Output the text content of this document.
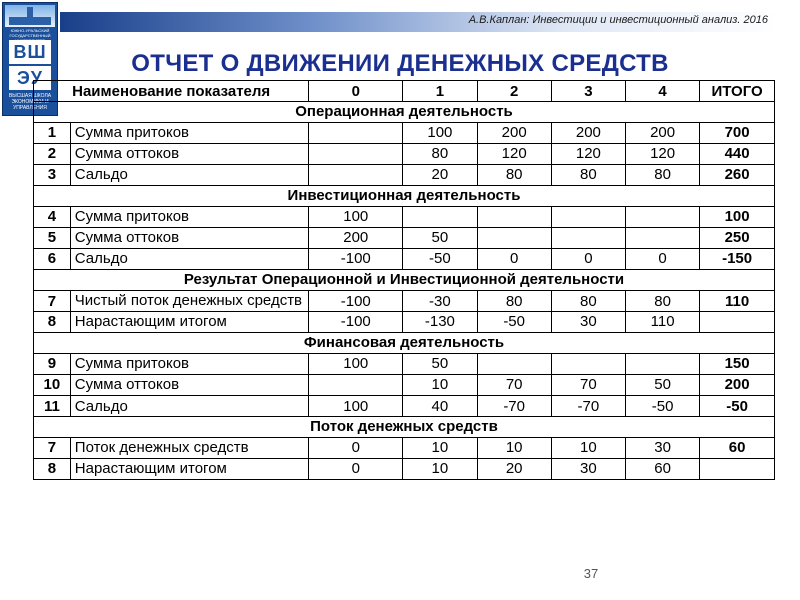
ЮЖНО-УРАЛЬСКИЙ ГОСУДАРСТВЕННЫЙ
ВШ
ЭУ
ВЫСШАЯ ШКОЛА ЭКОНОМИКИ И УПРАВЛЕНИЯ
А.В.Каплан: Инвестиции и инвестиционный анализ. 2016
ОТЧЕТ О ДВИЖЕНИИ ДЕНЕЖНЫХ СРЕДСТВ
Наименование показателя		0	1	2	3	4	ИТОГО
Операционная деятельность							
1	Сумма притоков		100	200	200	200	700
2	Сумма оттоков		80	120	120	120	440
3	Сальдо		20	80	80	80	260
Инвестиционная деятельность							
4	Сумма притоков	100					100
5	Сумма оттоков	200	50				250
6	Сальдо	-100	-50	0	0	0	-150
Результат Операционной и Инвестиционной деятельности							
7	Чистый поток денежных средств	-100	-30	80	80	80	110
8	Нарастающим итогом	-100	-130	-50	30	110	
Финансовая деятельность							
9	Сумма притоков	100	50				150
10	Сумма оттоков		10	70	70	50	200
11	Сальдо	100	40	-70	-70	-50	-50
Поток денежных средств							
7	Поток денежных средств	0	10	10	10	30	60
8	Нарастающим итогом	0	10	20	30	60	
37
